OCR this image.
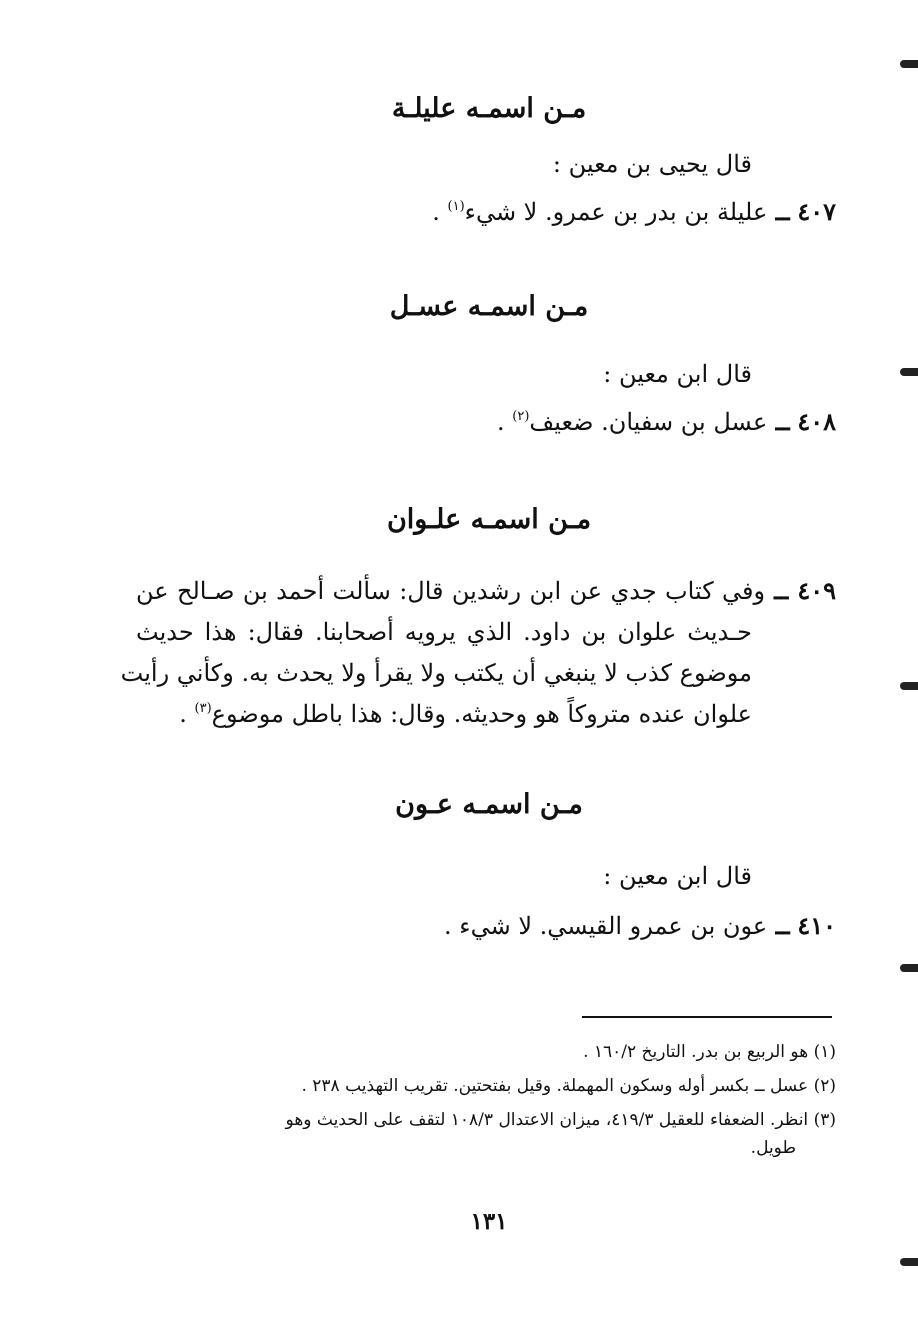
مـن اسمـه عليلـة

قال يحيى بن معين :

٤٠٧ ــ عليلة بن بدر بن عمرو. لا شيء$^{(١)}$ .

مـن اسمـه عسـل

قال ابن معين :

٤٠٨ ــ عسل بن سفيان. ضعيف$^{(٢)}$ .

مـن اسمـه علـوان
٤٠٩ ــ وفي كتاب جدي عن ابن رشدين قال: سألت أحمد بن صـالح عن
حـديث علوان بن داود. الذي يرويه أصحابنا. فقال: هذا حديث
موضوع كذب لا ينبغي أن يكتب ولا يقرأ ولا يحدث به. وكأني رأيت
علوان عنده متروكاً هو وحديثه. وقال: هذا باطل موضوع$^{(٣)}$ .
مـن اسمـه عـون

قال ابن معين :

٤١٠ ــ عون بن عمرو القيسي. لا شيء .

(١) هو الربيع بن بدر. التاريخ ١٦٠/٢ .
(٢) عسل ــ بكسر أوله وسكون المهملة. وقيل بفتحتين. تقريب التهذيب ٢٣٨ .
(٣) انظر. الضعفاء للعقيل ٤١٩/٣، ميزان الاعتدال ١٠٨/٣ لتقف على الحديث وهو
طويل.

١٣١
